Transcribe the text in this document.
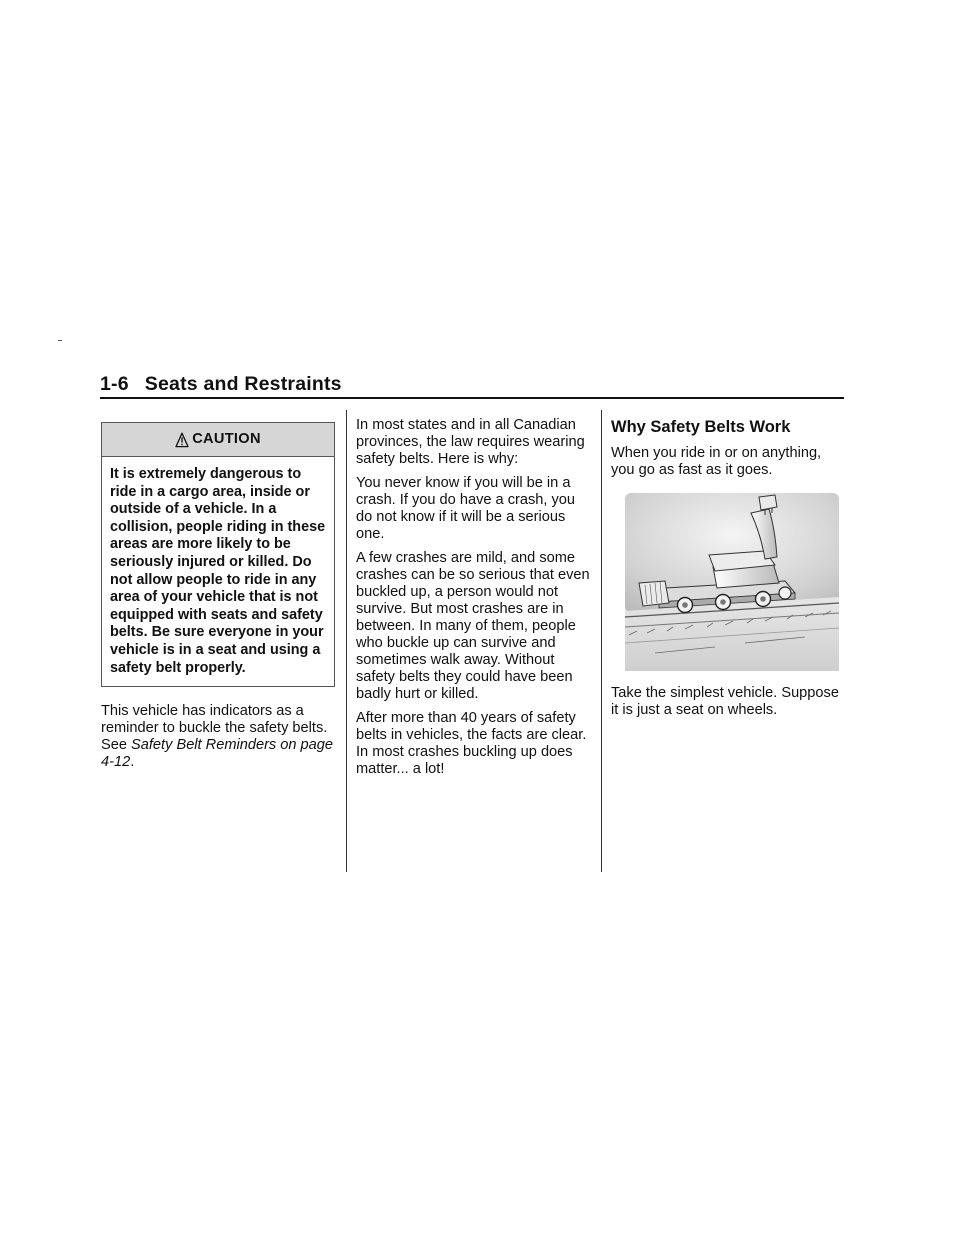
1-6 Seats and Restraints
CAUTION
It is extremely dangerous to ride in a cargo area, inside or outside of a vehicle. In a collision, people riding in these areas are more likely to be seriously injured or killed. Do not allow people to ride in any area of your vehicle that is not equipped with seats and safety belts. Be sure everyone in your vehicle is in a seat and using a safety belt properly.

This vehicle has indicators as a reminder to buckle the safety belts. See Safety Belt Reminders on page 4-12.

In most states and in all Canadian provinces, the law requires wearing safety belts. Here is why:

You never know if you will be in a crash. If you do have a crash, you do not know if it will be a serious one.

A few crashes are mild, and some crashes can be so serious that even buckled up, a person would not survive. But most crashes are in between. In many of them, people who buckle up can survive and sometimes walk away. Without safety belts they could have been badly hurt or killed.

After more than 40 years of safety belts in vehicles, the facts are clear. In most crashes buckling up does matter... a lot!

Why Safety Belts Work

When you ride in or on anything, you go as fast as it goes.

Take the simplest vehicle. Suppose it is just a seat on wheels.
